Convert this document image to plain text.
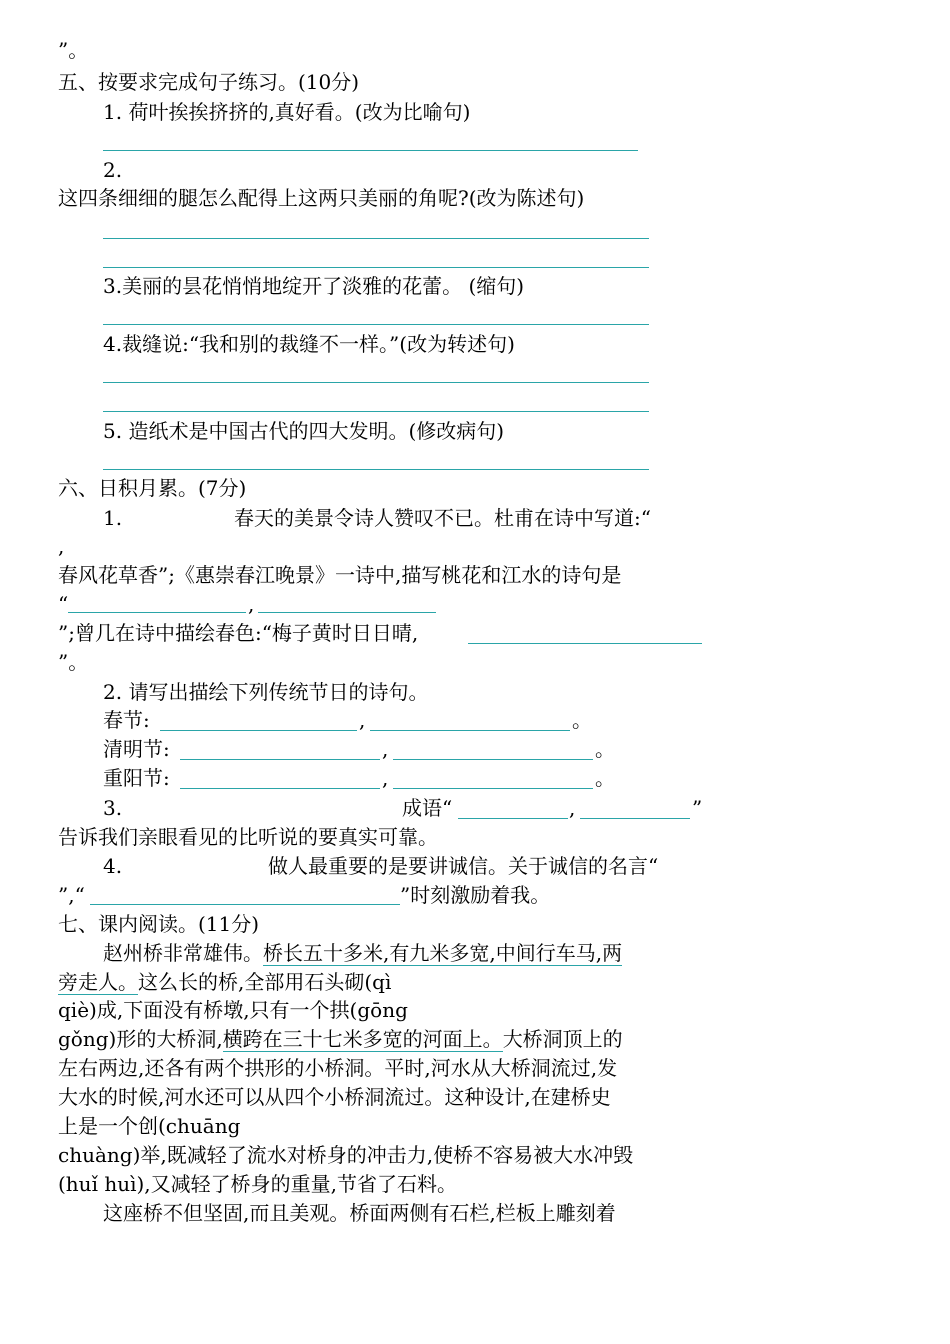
”。
五、按要求完成句子练习。(10分)
1. 荷叶挨挨挤挤的,真好看。(改为比喻句)
2.
这四条细细的腿怎么配得上这两只美丽的角呢?(改为陈述句)
3.美丽的昙花悄悄地绽开了淡雅的花蕾。 (缩句)
4.裁缝说:“我和别的裁缝不一样。”(改为转述句)
5. 造纸术是中国古代的四大发明。(修改病句)
六、日积月累。(7分)
1.	春天的美景令诗人赞叹不已。杜甫在诗中写道:“
,
春风花草香”;《惠崇春江晚景》一诗中,描写桃花和江水的诗句是
“	,
”;曾几在诗中描绘春色:“梅子黄时日日晴,
”。
2. 请写出描绘下列传统节日的诗句。
春节:	,	。
清明节:	,	。
重阳节:	,	。
3.	成语“	,	”
告诉我们亲眼看见的比听说的要真实可靠。
4.	做人最重要的是要讲诚信。关于诚信的名言“
”,“	”时刻激励着我。
七、课内阅读。(11分)
赵州桥非常雄伟。桥长五十多米,有九米多宽,中间行车马,两
旁走人。这么长的桥,全部用石头砌(qì
qiè)成,下面没有桥墩,只有一个拱(gōng
gǒng)形的大桥洞,横跨在三十七米多宽的河面上。大桥洞顶上的
左右两边,还各有两个拱形的小桥洞。平时,河水从大桥洞流过,发
大水的时候,河水还可以从四个小桥洞流过。这种设计,在建桥史
上是一个创(chuāng
chuàng)举,既减轻了流水对桥身的冲击力,使桥不容易被大水冲毁
(huǐ huì),又减轻了桥身的重量,节省了石料。
这座桥不但坚固,而且美观。桥面两侧有石栏,栏板上雕刻着
